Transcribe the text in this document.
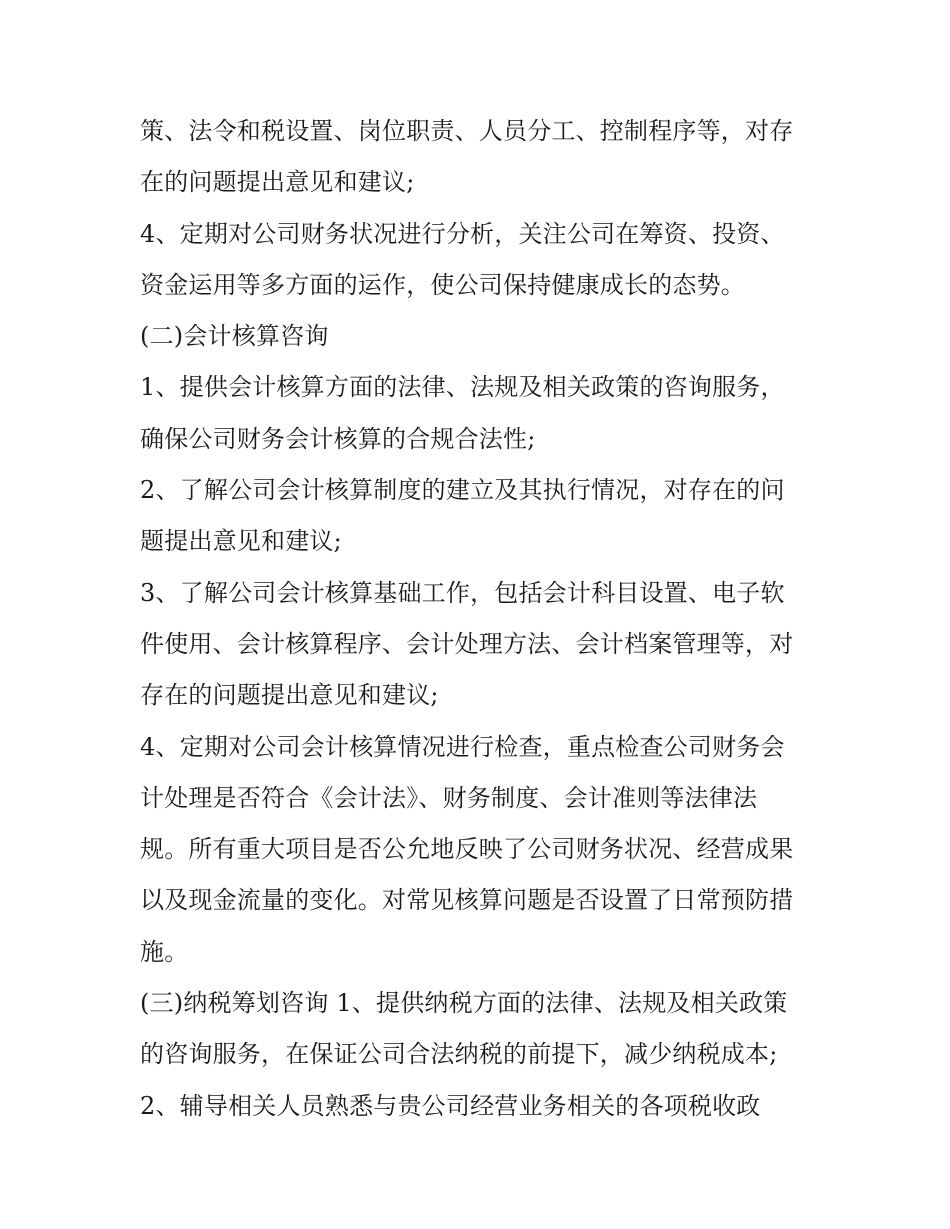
策、法令和税设置、岗位职责、人员分工、控制程序等，对存
在的问题提出意见和建议;
4、定期对公司财务状况进行分析，关注公司在筹资、投资、
资金运用等多方面的运作，使公司保持健康成长的态势。
(二)会计核算咨询
1、提供会计核算方面的法律、法规及相关政策的咨询服务，
确保公司财务会计核算的合规合法性;
2、了解公司会计核算制度的建立及其执行情况，对存在的问
题提出意见和建议;
3、了解公司会计核算基础工作，包括会计科目设置、电子软
件使用、会计核算程序、会计处理方法、会计档案管理等，对
存在的问题提出意见和建议;
4、定期对公司会计核算情况进行检查，重点检查公司财务会
计处理是否符合《会计法》、财务制度、会计准则等法律法
规。所有重大项目是否公允地反映了公司财务状况、经营成果
以及现金流量的变化。对常见核算问题是否设置了日常预防措
施。
(三)纳税筹划咨询 1、提供纳税方面的法律、法规及相关政策
的咨询服务，在保证公司合法纳税的前提下，减少纳税成本;
2、辅导相关人员熟悉与贵公司经营业务相关的各项税收政
